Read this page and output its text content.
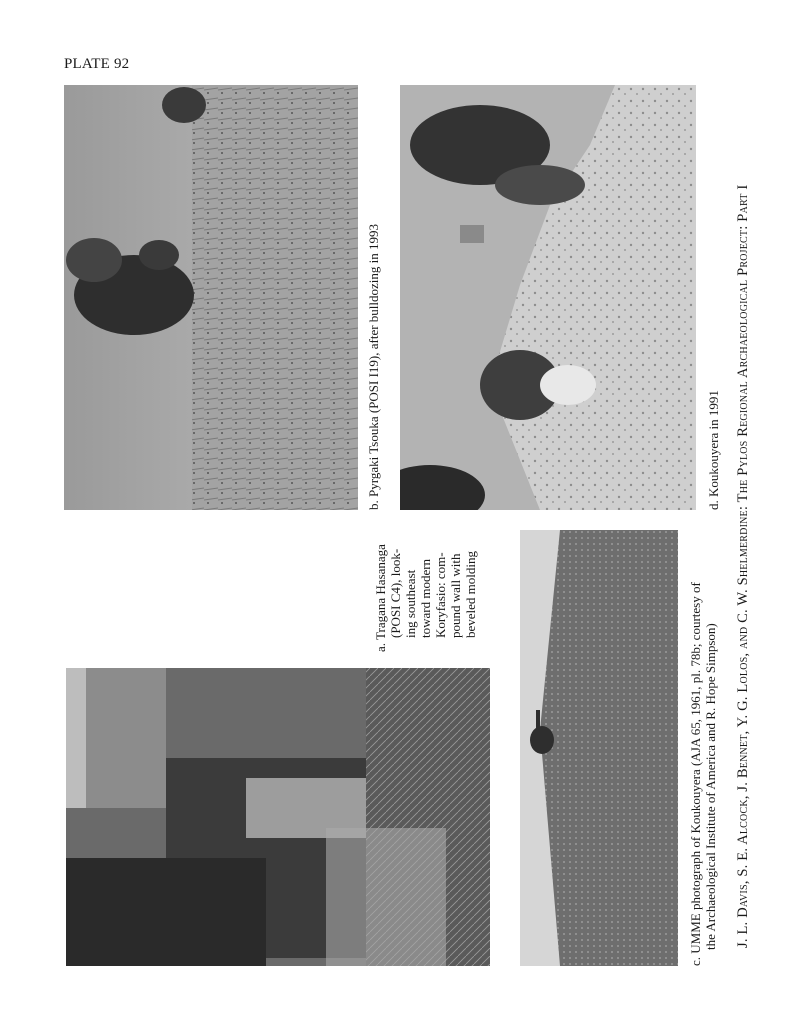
PLATE 92
a. Tragana Hasanaga (POSI C4), look- ing southeast toward modern Koryfasio: com- pound wall with beveled molding
b. Pyrgaki Tsouka (POSI I19), after bulldozing in 1993	d. Koukouyera in 1991
c. UMME photograph of Koukouyera (AJA 65, 1961, pl. 78b; courtesy of the Archaeological Institute of America and R. Hope Simpson) J. L. Davis, S. E. Alcock, J. Bennet, Y. G. Lolos, and C. W. Shelmerdine: The Pylos Regional Archaeological Project: Part I
